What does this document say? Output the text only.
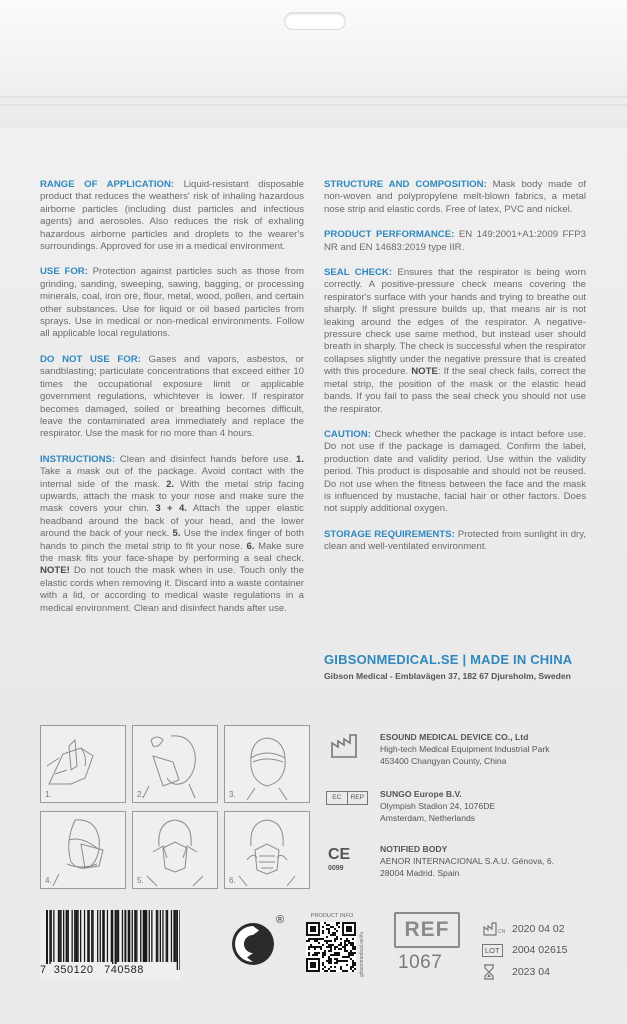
RANGE OF APPLICATION: Liquid-resistant disposable product that reduces the weathers' risk of inhaling hazardous airborne particles (including dust particles and infectious agents) and aerosoles. Also reduces the risk of exhaling hazardous airborne particles and droplets to the wearer's surroundings. Approved for use in a medical environment.

USE FOR: Protection against particles such as those from grinding, sanding, sweeping, sawing, bagging, or processing minerals, coal, iron ore, flour, metal, wood, pollen, and certain other substances. Use for liquid or oil based particles from sprays. Use in medical or non-medical environments. Follow all applicable local regulations.

DO NOT USE FOR: Gases and vapors, asbestos, or sandblasting; particulate concentrations that exceed either 10 times the occupational exposure limit or applicable government regulations, whichtever is lower. If respirator becomes damaged, soiled or breathing becomes difficult, leave the contaminated area immediately and replace the respirator. Use the mask for no more than 4 hours.

INSTRUCTIONS: Clean and disinfect hands before use. 1. Take a mask out of the package. Avoid contact with the internal side of the mask. 2. With the metal strip facing upwards, attach the mask to your nose and make sure the mask covers your chin. 3 + 4. Attach the upper elastic headband around the back of your head, and the lower around the back of your neck. 5. Use the index finger of both hands to pinch the metal strip to fit your nose. 6. Make sure the mask fits your face-shape by performing a seal check. NOTE! Do not touch the mask when in use. Touch only the elastic cords when removing it. Discard into a waste container with a lid, or according to medical waste regulations in a medical environment. Clean and disinfect hands after use.

STRUCTURE AND COMPOSITION: Mask body made of non-woven and polypropylene melt-blown fabrics, a metal nose strip and elastic cords. Free of latex, PVC and nickel.

PRODUCT PERFORMANCE: EN 149:2001+A1:2009 FFP3 NR and EN 14683:2019 type IIR.

SEAL CHECK: Ensures that the respirator is being worn correctly. A positive-pressure check means covering the respirator's surface with your hands and trying to breathe out sharply. If slight pressure builds up, that means air is not leaking around the edges of the respirator. A negative-pressure check use same method, but instead user should breath in sharply. The check is successful when the respirator collapses slightly under the negative pressure that is created with this procedure. NOTE: If the seal check fails, correct the metal strip, the position of the mask or the elastic head bands. If you fail to pass the seal check you should not use the respirator.

CAUTION: Check whether the package is intact before use. Do not use if the package is damaged. Confirm the label, production date and validity period. Use within the validity period. This product is disposable and should not be reused. Do not use when the fitness between the face and the mask is influenced by mustache, facial hair or other factors. Does not supply additional oxygen.

STORAGE REQUIREMENTS: Protected from sunlight in dry, clean and well-ventilated environment.

GIBSONMEDICAL.SE | MADE IN CHINA
Gibson Medical - Emblavägen 37, 182 67 Djursholm, Sweden
1.	2.	3.
4.	5.	6.
ESOUND MEDICAL DEVICE CO., Ltd
High-tech Medical Equipment Industrial Park
453400 Changyan County, China
EC	REP	SUNGO Europe B.V.
Olympish Stadion 24, 1076DE
Amsterdam, Netherlands
CE
0099
NOTIFIED BODY
AENOR INTERNACIONAL S.A.U. Génova, 6.
28004 Madrid. Spain
7 350120 740588
®	PRODUCT INFO
gibsonmedical.se/ifu
REF
1067
CN 2020 04 02
LOT 2004 02615
2023 04
